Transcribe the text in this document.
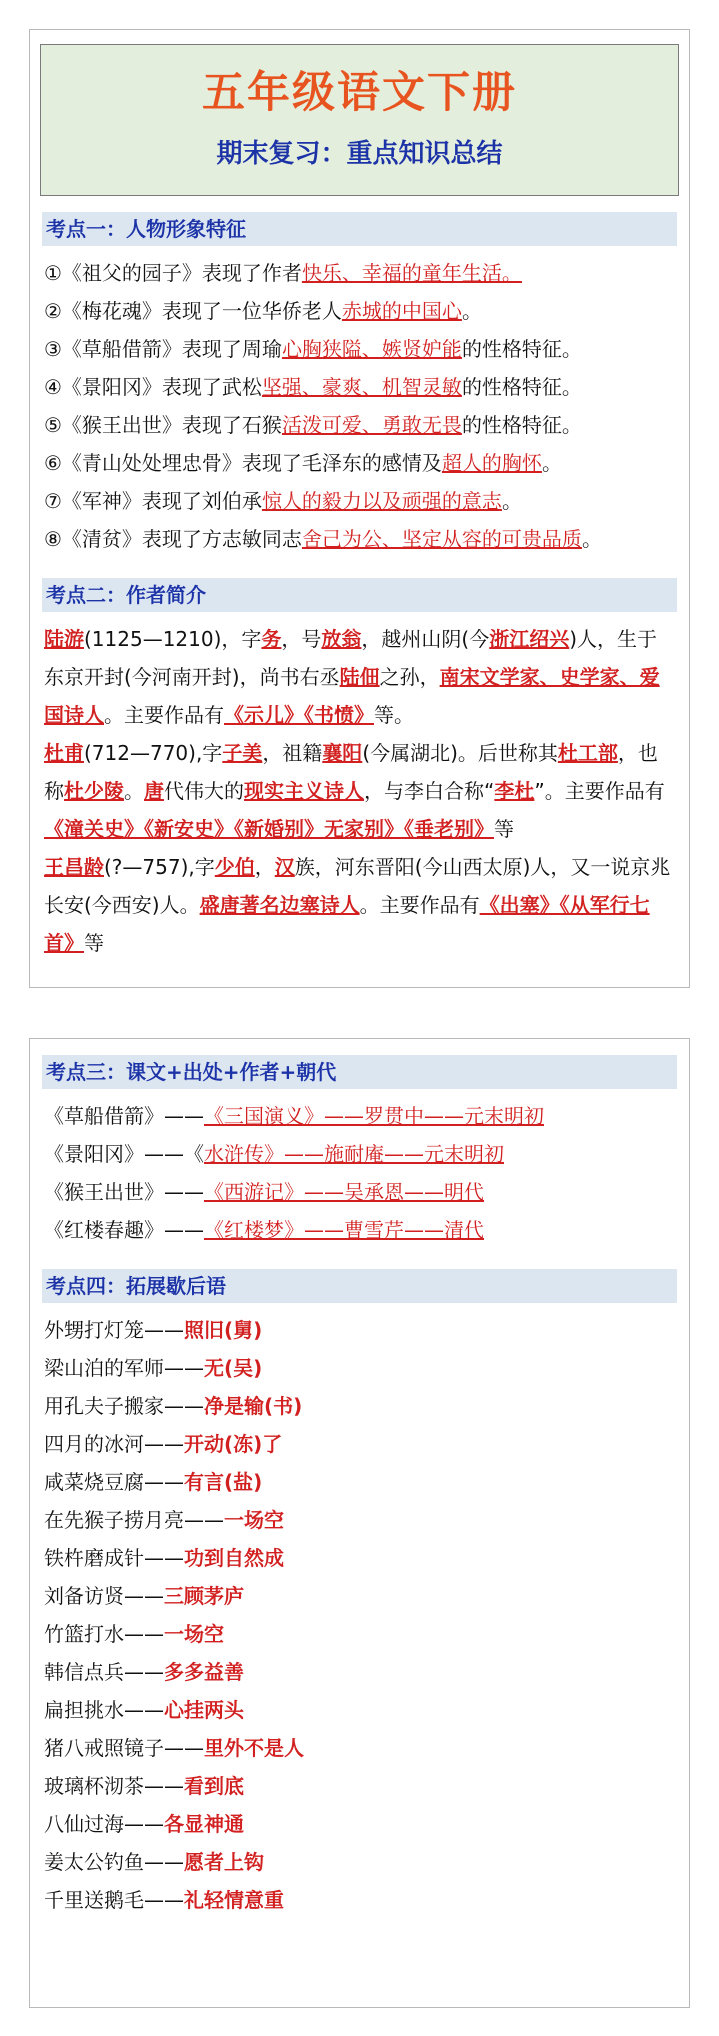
五年级语文下册
期末复习：重点知识总结
考点一：人物形象特征
①《祖父的园子》表现了作者快乐、幸福的童年生活。
②《梅花魂》表现了一位华侨老人赤城的中国心。
③《草船借箭》表现了周瑜心胸狭隘、嫉贤妒能的性格特征。
④《景阳冈》表现了武松坚强、豪爽、机智灵敏的性格特征。
⑤《猴王出世》表现了石猴活泼可爱、勇敢无畏的性格特征。
⑥《青山处处埋忠骨》表现了毛泽东的感情及超人的胸怀。
⑦《军神》表现了刘伯承惊人的毅力以及顽强的意志。
⑧《清贫》表现了方志敏同志舍己为公、坚定从容的可贵品质。
考点二：作者简介
陆游(1125—1210)，字务，号放翁，越州山阴(今浙江绍兴)人，生于东京开封(今河南开封)，尚书右丞陆佃之孙，南宋文学家、史学家、爱国诗人。主要作品有《示儿》《书愤》等。
杜甫(712—770),字子美，祖籍襄阳(今属湖北)。后世称其杜工部，也称杜少陵。唐代伟大的现实主义诗人，与李白合称“李杜”。主要作品有《潼关史》《新安史》《新婚别》无家别》《垂老别》等
王昌龄(?—757),字少伯，汉族，河东晋阳(今山西太原)人，又一说京兆长安(今西安)人。盛唐著名边塞诗人。主要作品有《出塞》《从军行七首》等
考点三：课文+出处+作者+朝代
《草船借箭》——《三国演义》——罗贯中——元末明初
《景阳冈》——《水浒传》——施耐庵——元末明初
《猴王出世》——《西游记》——吴承恩——明代
《红楼春趣》——《红楼梦》——曹雪芹——清代
考点四：拓展歇后语
外甥打灯笼——照旧(舅)
梁山泊的军师——无(吴)
用孔夫子搬家——净是输(书)
四月的冰河——开动(冻)了
咸菜烧豆腐——有言(盐)
在先猴子捞月亮——一场空
铁杵磨成针——功到自然成
刘备访贤——三顾茅庐
竹篮打水——一场空
韩信点兵——多多益善
扁担挑水——心挂两头
猪八戒照镜子——里外不是人
玻璃杯沏茶——看到底
八仙过海——各显神通
姜太公钓鱼——愿者上钩
千里送鹅毛——礼轻情意重
